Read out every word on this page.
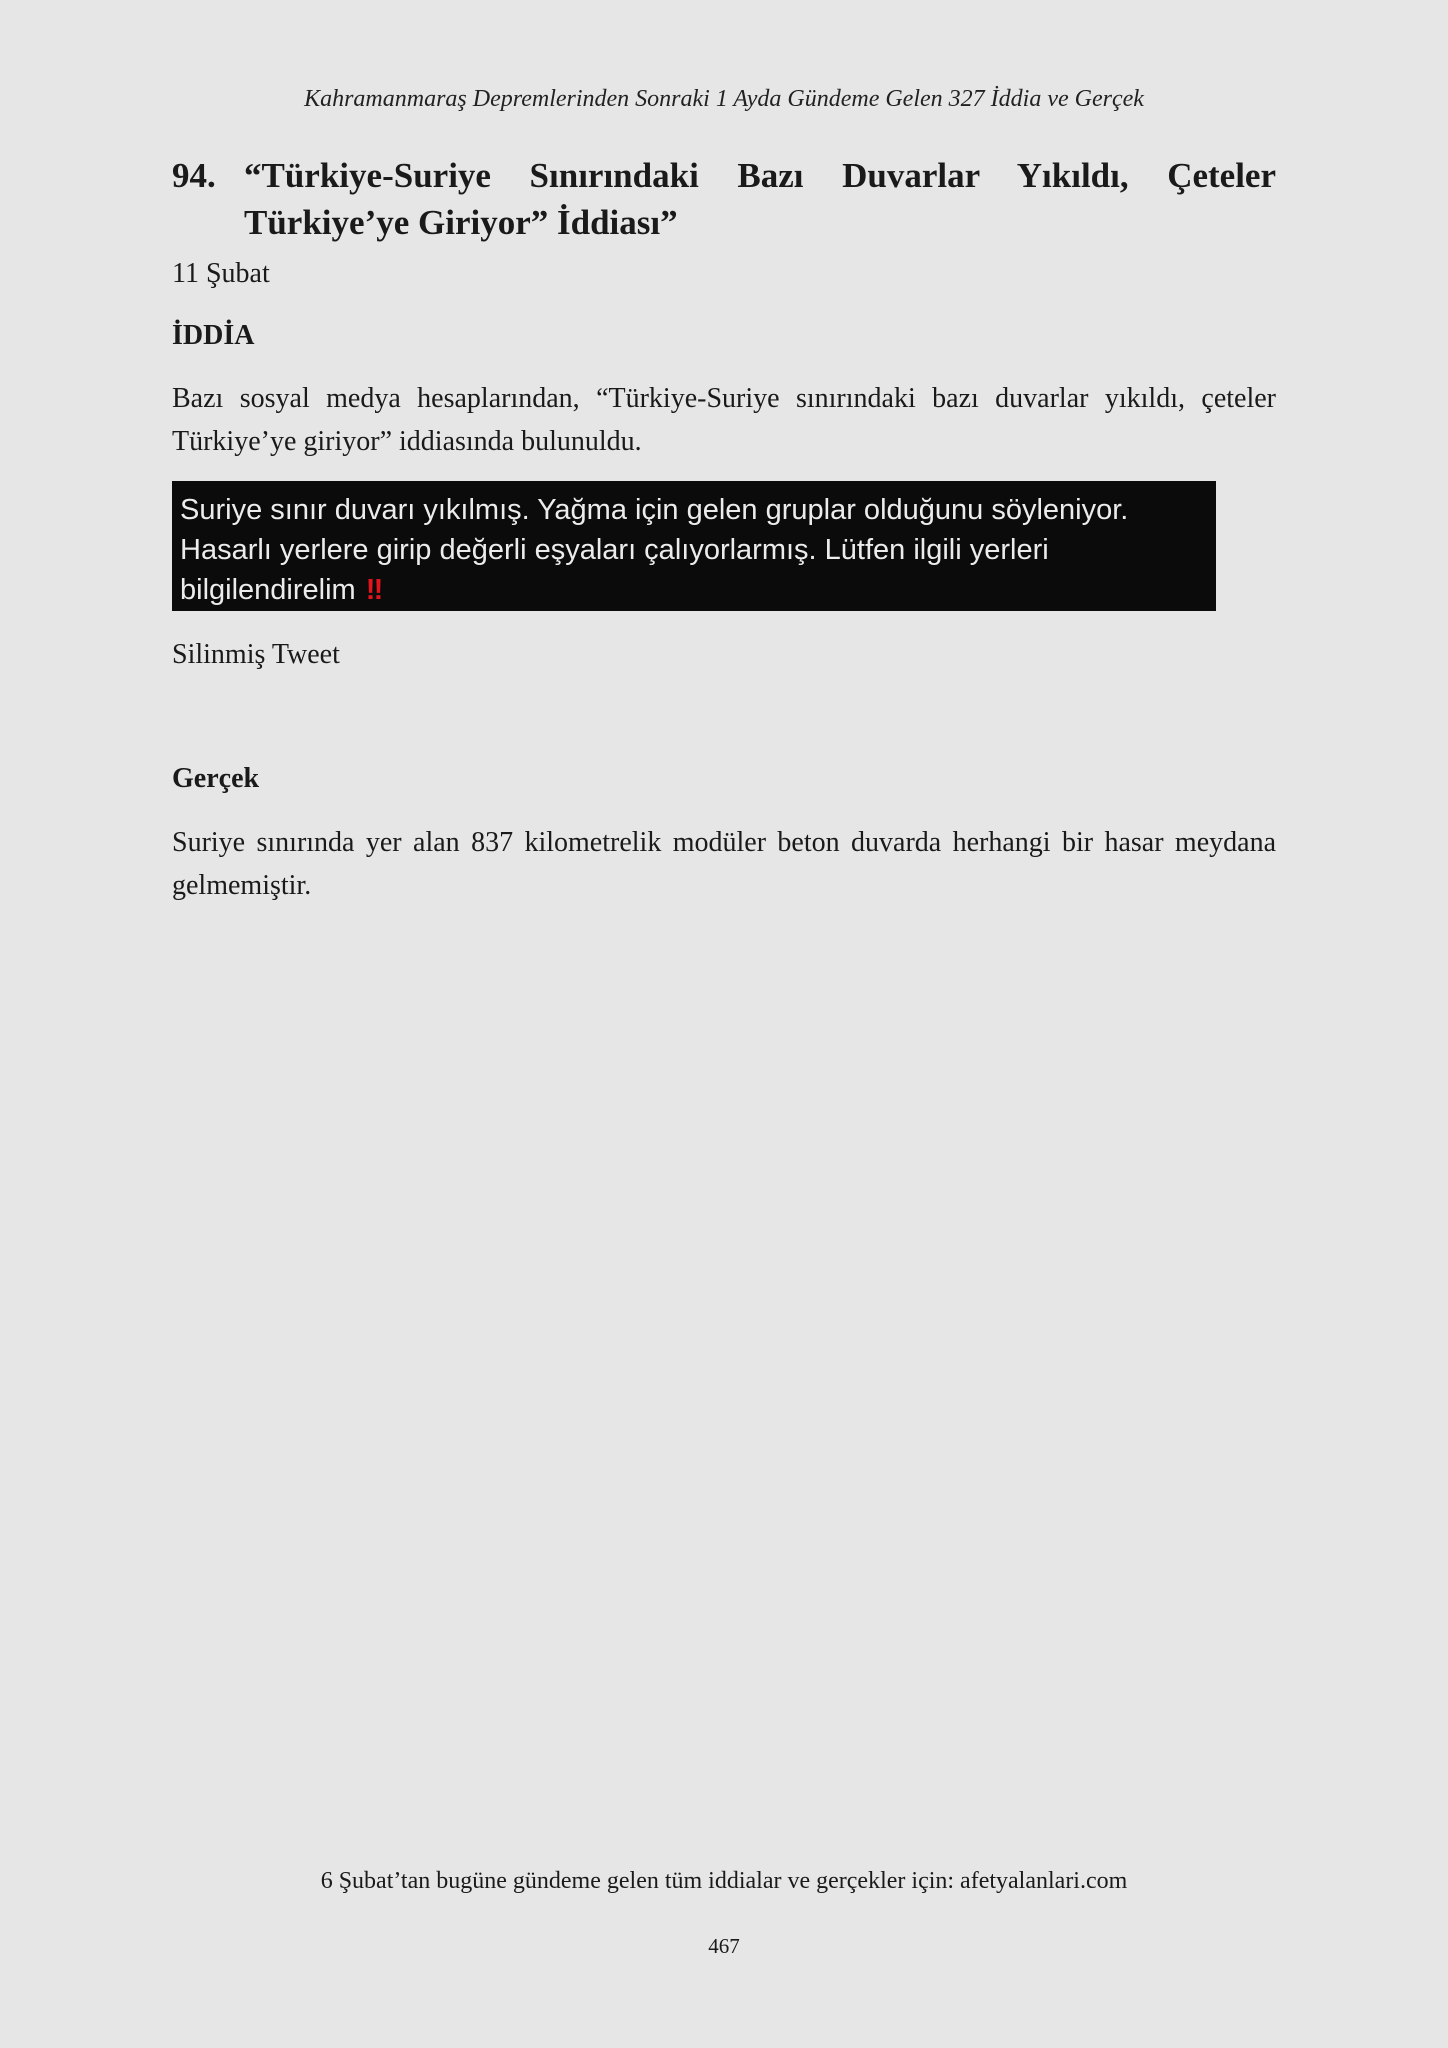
Kahramanmaraş Depremlerinden Sonraki 1 Ayda Gündeme Gelen 327 İddia ve Gerçek
94. “Türkiye-Suriye Sınırındaki Bazı Duvarlar Yıkıldı, Çeteler Türkiye’ye Giriyor” İddiası”
11 Şubat
İDDİA
Bazı sosyal medya hesaplarından, “Türkiye-Suriye sınırındaki bazı duvarlar yıkıldı, çeteler Türkiye’ye giriyor” iddiasında bulunuldu.
Suriye sınır duvarı yıkılmış. Yağma için gelen gruplar olduğunu söyleniyor. Hasarlı yerlere girip değerli eşyaları çalıyorlarmış. Lütfen ilgili yerleri bilgilendirelim ‼
Silinmiş Tweet
Gerçek
Suriye sınırında yer alan 837 kilometrelik modüler beton duvarda herhangi bir hasar meydana gelmemiştir.
6 Şubat’tan bugüne gündeme gelen tüm iddialar ve gerçekler için: afetyalanlari.com
467
